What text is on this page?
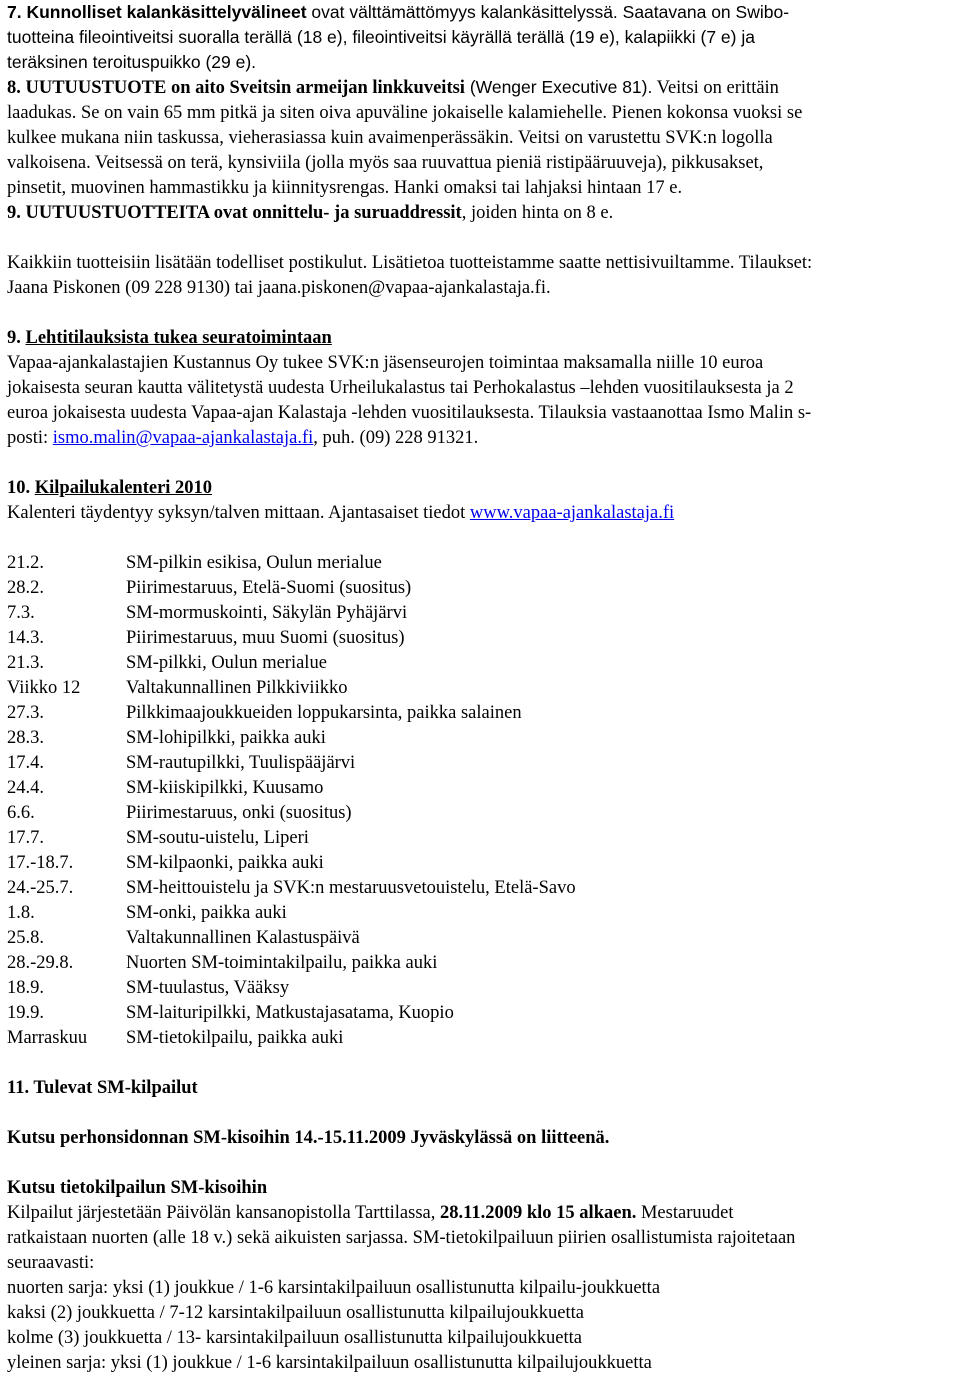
7. Kunnolliset kalankäsittelyvälineet ovat välttämättömyys kalankäsittelyssä. Saatavana on Swibo-

tuotteina fileointiveitsi suoralla terällä (18 e), fileointiveitsi käyrällä terällä (19 e), kalapiikki (7 e) ja

teräksinen teroituspuikko (29 e).

8. UUTUUSTUOTE on aito Sveitsin armeijan linkkuveitsi (Wenger Executive 81). Veitsi on erittäin

laadukas. Se on vain 65 mm pitkä ja siten oiva apuväline jokaiselle kalamiehelle. Pienen kokonsa vuoksi se

kulkee mukana niin taskussa, vieherasiassa kuin avaimenperässäkin. Veitsi on varustettu SVK:n logolla

valkoisena. Veitsessä on terä, kynsiviila (jolla myös saa ruuvattua pieniä ristipääruuveja), pikkusakset,

pinsetit, muovinen hammastikku ja kiinnitysrengas. Hanki omaksi tai lahjaksi hintaan 17 e.

9. UUTUUSTUOTTEITA ovat onnittelu- ja suruaddressit, joiden hinta on 8 e.

Kaikkiin tuotteisiin lisätään todelliset postikulut. Lisätietoa tuotteistamme saatte nettisivuiltamme. Tilaukset:

Jaana Piskonen (09 228 9130) tai jaana.piskonen@vapaa-ajankalastaja.fi.

9. Lehtitilauksista tukea seuratoimintaan

Vapaa-ajankalastajien Kustannus Oy tukee SVK:n jäsenseurojen toimintaa maksamalla niille 10 euroa

jokaisesta seuran kautta välitetystä uudesta Urheilukalastus tai Perhokalastus –lehden vuositilauksesta ja 2

euroa jokaisesta uudesta Vapaa-ajan Kalastaja -lehden vuositilauksesta. Tilauksia vastaanottaa Ismo Malin s-

posti: ismo.malin@vapaa-ajankalastaja.fi, puh. (09) 228 91321.

10. Kilpailukalenteri 2010

Kalenteri täydentyy syksyn/talven mittaan. Ajantasaiset tiedot www.vapaa-ajankalastaja.fi

21.2.	SM-pilkin esikisa, Oulun merialue
28.2.	Piirimestaruus, Etelä-Suomi (suositus)
7.3.	SM-mormuskointi, Säkylän Pyhäjärvi
14.3.	Piirimestaruus, muu Suomi (suositus)
21.3.	SM-pilkki, Oulun merialue
Viikko 12	Valtakunnallinen Pilkkiviikko
27.3.	Pilkkimaajoukkueiden loppukarsinta, paikka salainen
28.3.	SM-lohipilkki, paikka auki
17.4.	SM-rautupilkki, Tuulispääjärvi
24.4.	SM-kiiskipilkki, Kuusamo
6.6.	Piirimestaruus, onki (suositus)
17.7.	SM-soutu-uistelu, Liperi
17.-18.7.	SM-kilpaonki, paikka auki
24.-25.7.	SM-heittouistelu ja SVK:n mestaruusvetouistelu, Etelä-Savo
1.8.	SM-onki, paikka auki
25.8.	Valtakunnallinen Kalastuspäivä
28.-29.8.	Nuorten SM-toimintakilpailu, paikka auki
18.9.	SM-tuulastus, Vääksy
19.9.	SM-laituripilkki, Matkustajasatama, Kuopio
Marraskuu	SM-tietokilpailu, paikka auki

11. Tulevat SM-kilpailut

Kutsu perhonsidonnan SM-kisoihin 14.-15.11.2009 Jyväskylässä on liitteenä.

Kutsu tietokilpailun SM-kisoihin

Kilpailut järjestetään Päivölän kansanopistolla Tarttilassa, 28.11.2009 klo 15 alkaen. Mestaruudet

ratkaistaan nuorten (alle 18 v.) sekä aikuisten sarjassa. SM-tietokilpailuun piirien osallistumista rajoitetaan

seuraavasti:

nuorten sarja: yksi (1) joukkue / 1-6 karsintakilpailuun osallistunutta kilpailu-joukkuetta

kaksi (2) joukkuetta / 7-12 karsintakilpailuun osallistunutta kilpailujoukkuetta

kolme (3) joukkuetta / 13- karsintakilpailuun osallistunutta kilpailujoukkuetta

yleinen sarja: yksi (1) joukkue / 1-6 karsintakilpailuun osallistunutta kilpailujoukkuetta
